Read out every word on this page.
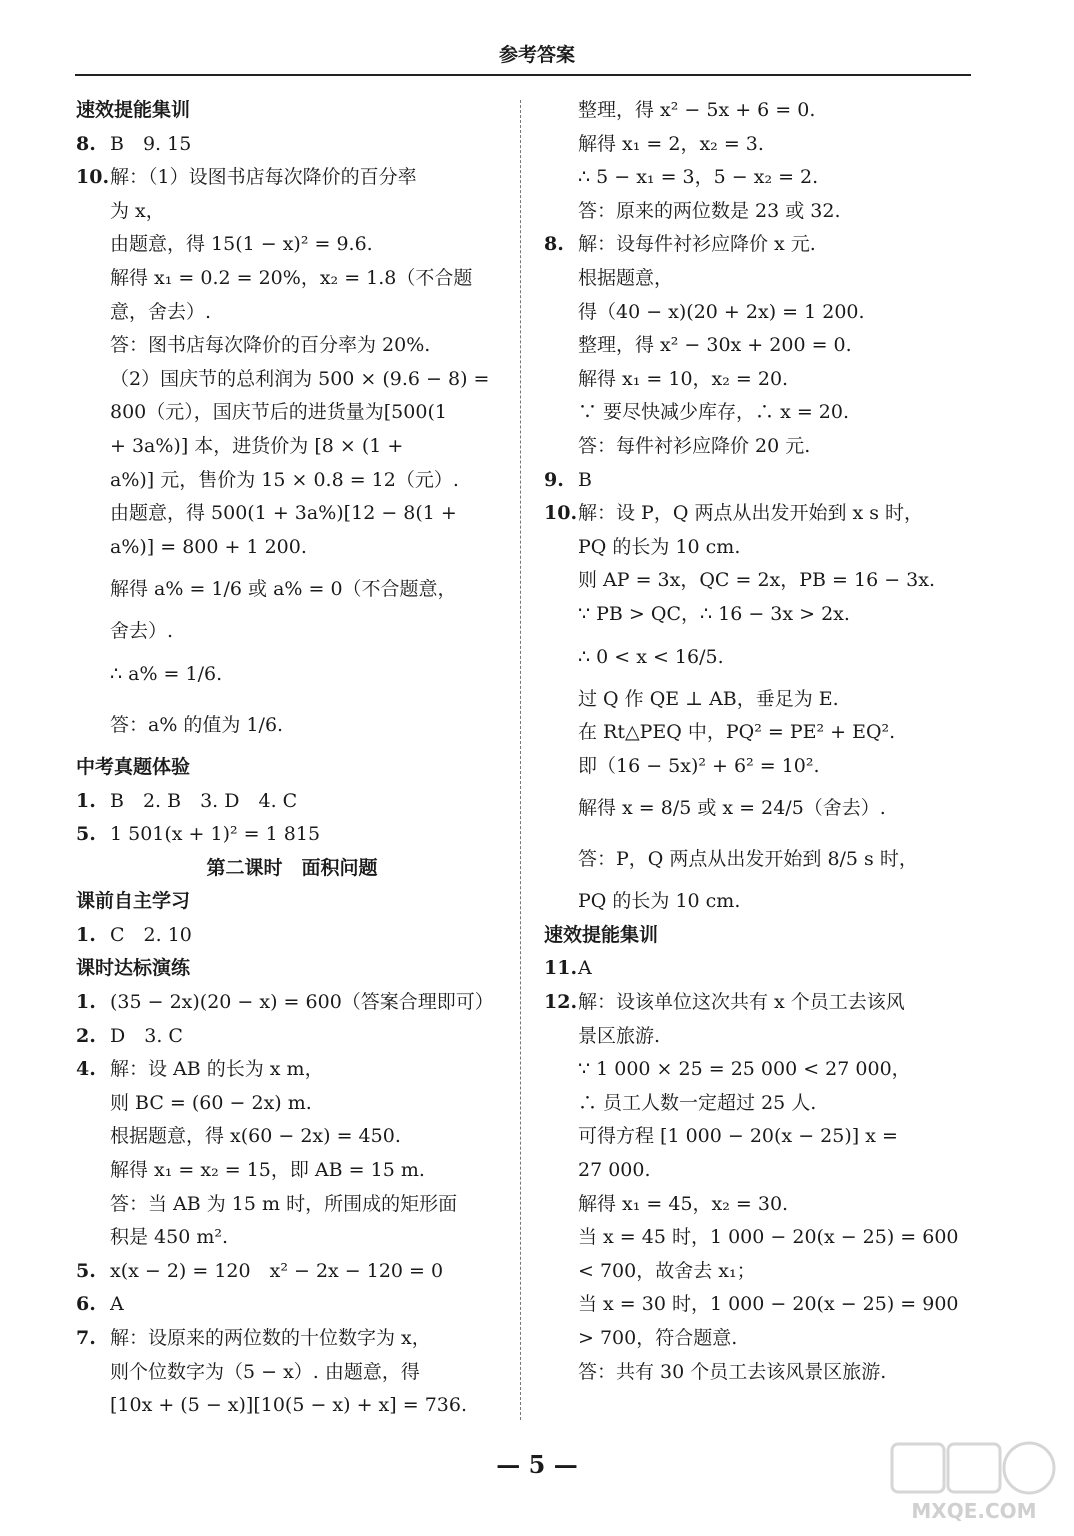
参考答案
速效提能集训
8. B　9. 15
10.解：（1）设图书店每次降价的百分率
为 x，
由题意，得 15(1 − x)² = 9.6.
解得 x₁ = 0.2 = 20%，x₂ = 1.8（不合题
意，舍去）.
答：图书店每次降价的百分率为 20%.
（2）国庆节的总利润为 500 × (9.6 − 8) =
800（元），国庆节后的进货量为[500(1
+ 3a%)] 本，进货价为 [8 × (1 +
a%)] 元，售价为 15 × 0.8 = 12（元）.
由题意，得 500(1 + 3a%)[12 − 8(1 +
a%)] = 800 + 1 200.
解得 a% = 1/6 或 a% = 0（不合题意，
舍去）.
∴ a% = 1/6.
答：a% 的值为 1/6.
中考真题体验
1. B　2. B　3. D　4. C
5. 1 501(x + 1)² = 1 815
第二课时　面积问题
课前自主学习
1. C　2. 10
课时达标演练
1. (35 − 2x)(20 − x) = 600（答案合理即可）
2. D　3. C
4. 解：设 AB 的长为 x m，
则 BC = (60 − 2x) m.
根据题意，得 x(60 − 2x) = 450.
解得 x₁ = x₂ = 15，即 AB = 15 m.
答：当 AB 为 15 m 时，所围成的矩形面
积是 450 m².
5. x(x − 2) = 120　x² − 2x − 120 = 0
6. A
7. 解：设原来的两位数的十位数字为 x，
则个位数字为（5 − x）. 由题意，得
[10x + (5 − x)][10(5 − x) + x] = 736.
整理，得 x² − 5x + 6 = 0.
解得 x₁ = 2，x₂ = 3.
∴ 5 − x₁ = 3，5 − x₂ = 2.
答：原来的两位数是 23 或 32.
8. 解：设每件衬衫应降价 x 元.
根据题意，
得（40 − x)(20 + 2x) = 1 200.
整理，得 x² − 30x + 200 = 0.
解得 x₁ = 10，x₂ = 20.
∵ 要尽快减少库存，∴ x = 20.
答：每件衬衫应降价 20 元.
9. B
10.解：设 P，Q 两点从出发开始到 x s 时，
PQ 的长为 10 cm.
则 AP = 3x，QC = 2x，PB = 16 − 3x.
∵ PB > QC，∴ 16 − 3x > 2x.
∴ 0 < x < 16/5.
过 Q 作 QE ⊥ AB，垂足为 E.
在 Rt△PEQ 中，PQ² = PE² + EQ².
即（16 − 5x)² + 6² = 10².
解得 x = 8/5 或 x = 24/5（舍去）.
答：P，Q 两点从出发开始到 8/5 s 时，
PQ 的长为 10 cm.
速效提能集训
11.A
12.解：设该单位这次共有 x 个员工去该风
景区旅游.
∵ 1 000 × 25 = 25 000 < 27 000，
∴ 员工人数一定超过 25 人.
可得方程 [1 000 − 20(x − 25)] x =
27 000.
解得 x₁ = 45，x₂ = 30.
当 x = 45 时，1 000 − 20(x − 25) = 600
< 700，故舍去 x₁；
当 x = 30 时，1 000 − 20(x − 25) = 900
> 700，符合题意.
答：共有 30 个员工去该风景区旅游.
— 5 —
MXQE.COM
